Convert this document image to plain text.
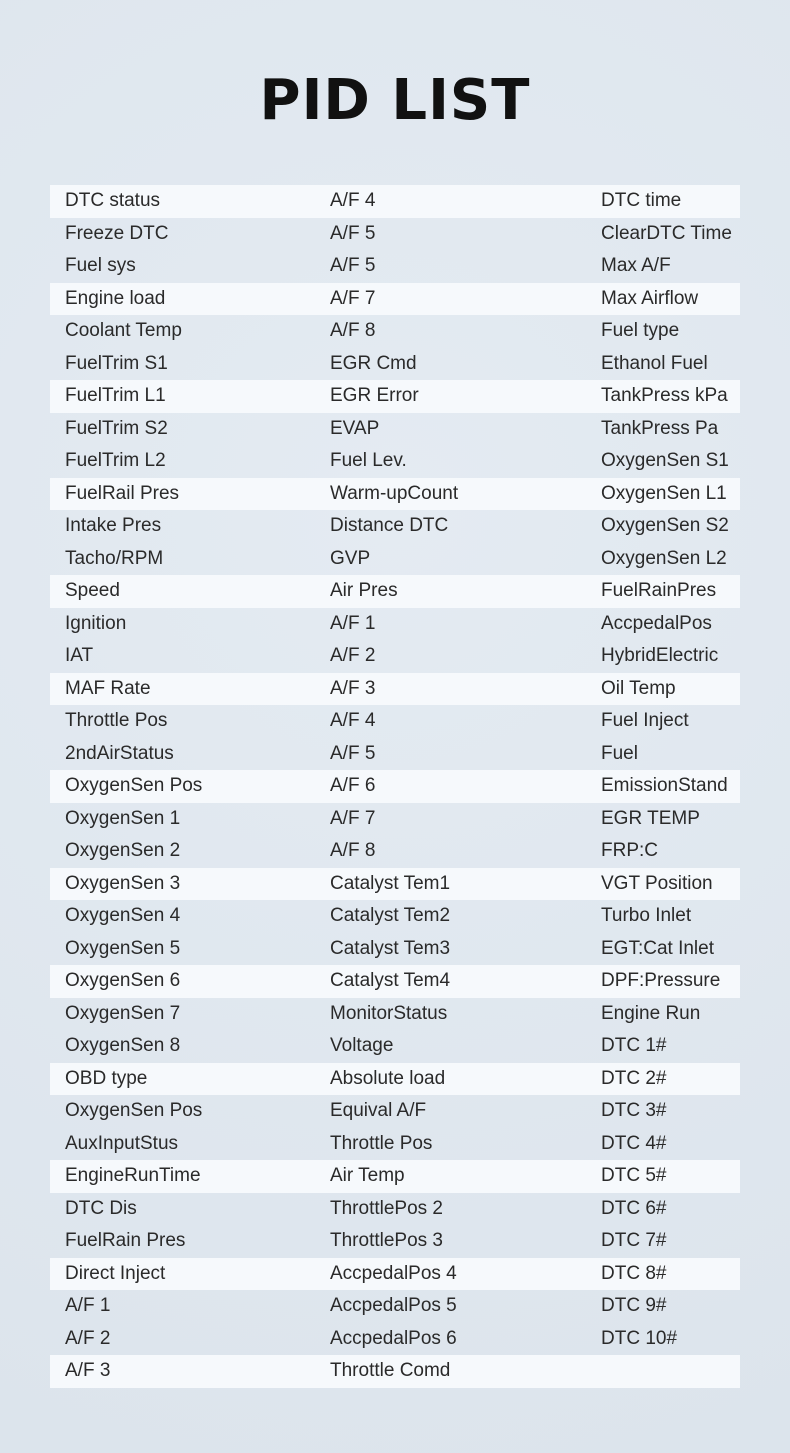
PID LIST
DTC status	A/F 4	DTC time
Freeze DTC	A/F 5	ClearDTC Time
Fuel sys	A/F 5	Max A/F
Engine load	A/F 7	Max Airflow
Coolant Temp	A/F 8	Fuel type
FuelTrim S1	EGR Cmd	Ethanol Fuel
FuelTrim L1	EGR Error	TankPress kPa
FuelTrim S2	EVAP	TankPress Pa
FuelTrim L2	Fuel Lev.	OxygenSen S1
FuelRail Pres	Warm-upCount	OxygenSen L1
Intake Pres	Distance DTC	OxygenSen S2
Tacho/RPM	GVP	OxygenSen L2
Speed	Air Pres	FuelRainPres
Ignition	A/F 1	AccpedalPos
IAT	A/F 2	HybridElectric
MAF Rate	A/F 3	Oil Temp
Throttle Pos	A/F 4	Fuel Inject
2ndAirStatus	A/F 5	Fuel
OxygenSen Pos	A/F 6	EmissionStand
OxygenSen 1	A/F 7	EGR TEMP
OxygenSen 2	A/F 8	FRP:C
OxygenSen 3	Catalyst Tem1	VGT Position
OxygenSen 4	Catalyst Tem2	Turbo Inlet
OxygenSen 5	Catalyst Tem3	EGT:Cat Inlet
OxygenSen 6	Catalyst Tem4	DPF:Pressure
OxygenSen 7	MonitorStatus	Engine Run
OxygenSen 8	Voltage	DTC 1#
OBD type	Absolute load	DTC 2#
OxygenSen Pos	Equival A/F	DTC 3#
AuxInputStus	Throttle Pos	DTC 4#
EngineRunTime	Air Temp	DTC 5#
DTC Dis	ThrottlePos 2	DTC 6#
FuelRain Pres	ThrottlePos 3	DTC 7#
Direct Inject	AccpedalPos 4	DTC 8#
A/F 1	AccpedalPos 5	DTC 9#
A/F 2	AccpedalPos 6	DTC 10#
A/F 3	Throttle Comd
